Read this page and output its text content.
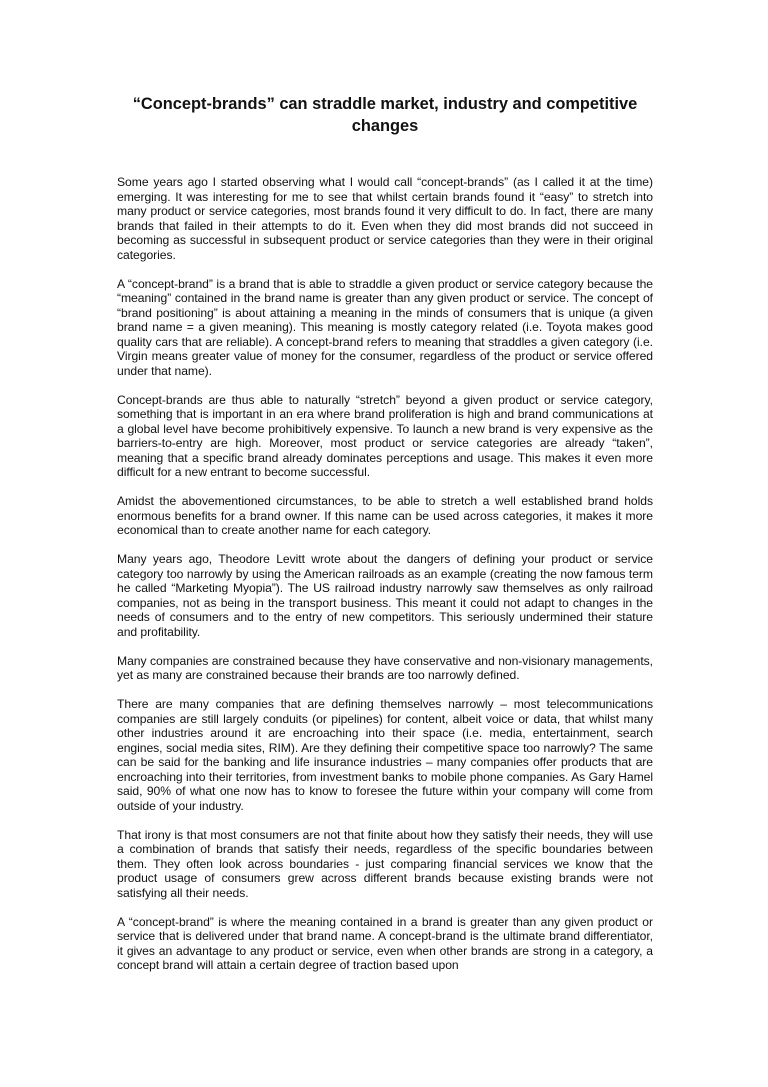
“Concept-brands” can straddle market, industry and competitive changes

Some years ago I started observing what I would call “concept-brands” (as I called it at the time) emerging. It was interesting for me to see that whilst certain brands found it “easy” to stretch into many product or service categories, most brands found it very difficult to do. In fact, there are many brands that failed in their attempts to do it. Even when they did most brands did not succeed in becoming as successful in subsequent product or service categories than they were in their original categories.

A “concept-brand” is a brand that is able to straddle a given product or service category because the “meaning” contained in the brand name is greater than any given product or service. The concept of “brand positioning” is about attaining a meaning in the minds of consumers that is unique (a given brand name = a given meaning). This meaning is mostly category related (i.e. Toyota makes good quality cars that are reliable). A concept-brand refers to meaning that straddles a given category (i.e. Virgin means greater value of money for the consumer, regardless of the product or service offered under that name).

Concept-brands are thus able to naturally “stretch” beyond a given product or service category, something that is important in an era where brand proliferation is high and brand communications at a global level have become prohibitively expensive. To launch a new brand is very expensive as the barriers-to-entry are high. Moreover, most product or service categories are already “taken”, meaning that a specific brand already dominates perceptions and usage. This makes it even more difficult for a new entrant to become successful.

Amidst the abovementioned circumstances, to be able to stretch a well established brand holds enormous benefits for a brand owner. If this name can be used across categories, it makes it more economical than to create another name for each category.

Many years ago, Theodore Levitt wrote about the dangers of defining your product or service category too narrowly by using the American railroads as an example (creating the now famous term he called “Marketing Myopia”). The US railroad industry narrowly saw themselves as only railroad companies, not as being in the transport business. This meant it could not adapt to changes in the needs of consumers and to the entry of new competitors. This seriously undermined their stature and profitability.

Many companies are constrained because they have conservative and non-visionary managements, yet as many are constrained because their brands are too narrowly defined.

There are many companies that are defining themselves narrowly – most telecommunications companies are still largely conduits (or pipelines) for content, albeit voice or data, that whilst many other industries around it are encroaching into their space (i.e. media, entertainment, search engines, social media sites, RIM). Are they defining their competitive space too narrowly? The same can be said for the banking and life insurance industries – many companies offer products that are encroaching into their territories, from investment banks to mobile phone companies. As Gary Hamel said, 90% of what one now has to know to foresee the future within your company will come from outside of your industry.

That irony is that most consumers are not that finite about how they satisfy their needs, they will use a combination of brands that satisfy their needs, regardless of the specific boundaries between them. They often look across boundaries - just comparing financial services we know that the product usage of consumers grew across different brands because existing brands were not satisfying all their needs.

A “concept-brand” is where the meaning contained in a brand is greater than any given product or service that is delivered under that brand name. A concept-brand is the ultimate brand differentiator, it gives an advantage to any product or service, even when other brands are strong in a category, a concept brand will attain a certain degree of traction based upon
